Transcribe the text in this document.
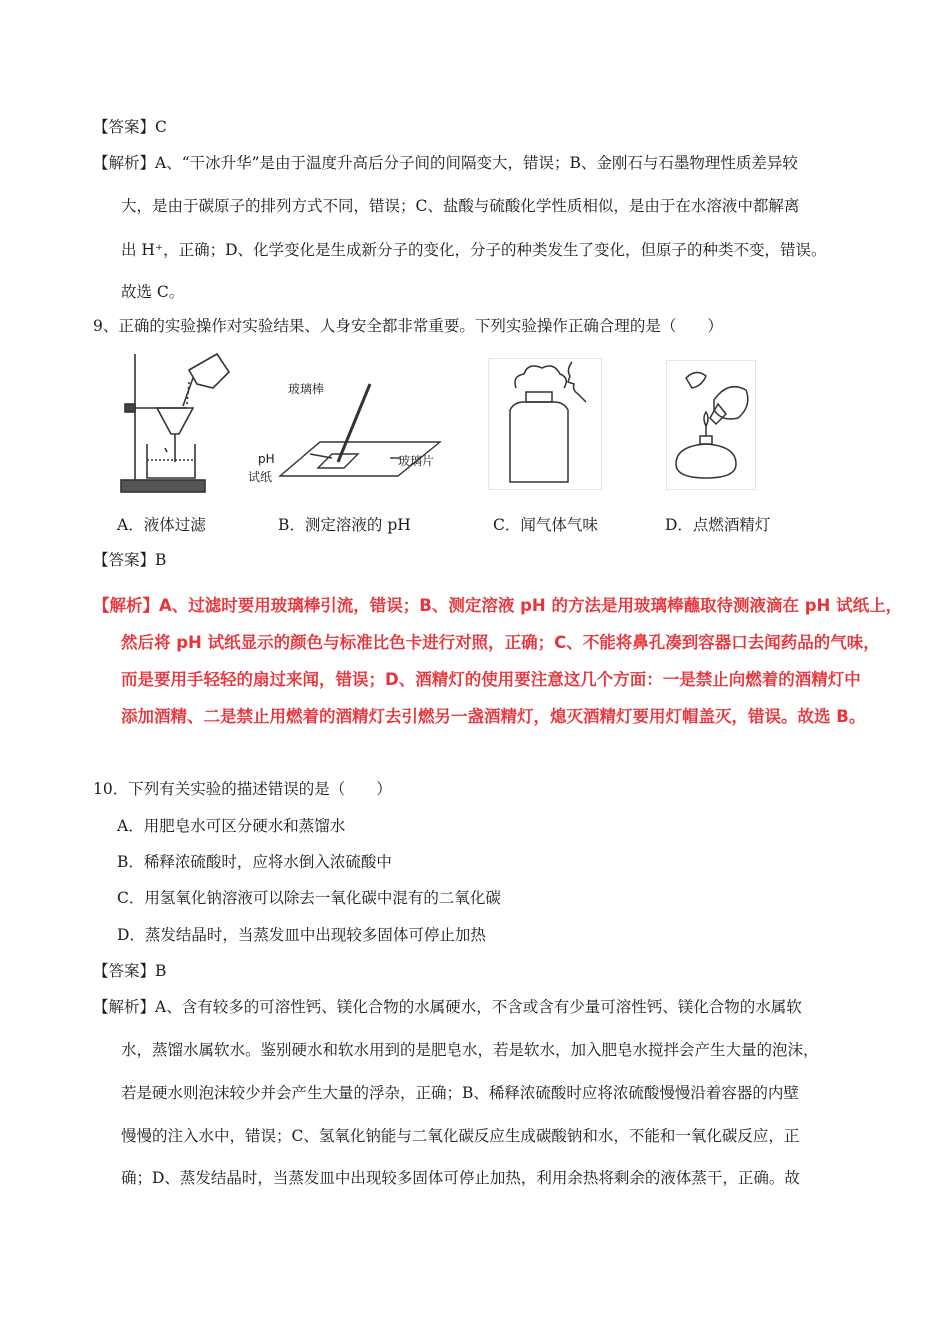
【答案】C
【解析】A、“干冰升华”是由于温度升高后分子间的间隔变大，错误；B、金刚石与石墨物理性质差异较
大，是由于碳原子的排列方式不同，错误；C、盐酸与硫酸化学性质相似，是由于在水溶液中都解离
出 H⁺，正确；D、化学变化是生成新分子的变化，分子的种类发生了变化，但原子的种类不变，错误。
故选 C。
9、正确的实验操作对实验结果、人身安全都非常重要。下列实验操作正确合理的是（　　）
玻璃棒
pH
试纸
玻璃片
A．液体过滤	B．测定溶液的 pH	C．闻气体气味	D．点燃酒精灯
【答案】B
【解析】A、过滤时要用玻璃棒引流，错误；B、测定溶液 pH 的方法是用玻璃棒蘸取待测液滴在 pH 试纸上，
然后将 pH 试纸显示的颜色与标准比色卡进行对照，正确；C、不能将鼻孔凑到容器口去闻药品的气味，
而是要用手轻轻的扇过来闻，错误；D、酒精灯的使用要注意这几个方面：一是禁止向燃着的酒精灯中
添加酒精、二是禁止用燃着的酒精灯去引燃另一盏酒精灯，熄灭酒精灯要用灯帽盖灭，错误。故选 B。
10．下列有关实验的描述错误的是（　　）
A．用肥皂水可区分硬水和蒸馏水
B．稀释浓硫酸时，应将水倒入浓硫酸中
C．用氢氧化钠溶液可以除去一氧化碳中混有的二氧化碳
D．蒸发结晶时，当蒸发皿中出现较多固体可停止加热
【答案】B
【解析】A、含有较多的可溶性钙、镁化合物的水属硬水，不含或含有少量可溶性钙、镁化合物的水属软
水，蒸馏水属软水。鉴别硬水和软水用到的是肥皂水，若是软水，加入肥皂水搅拌会产生大量的泡沫，
若是硬水则泡沫较少并会产生大量的浮杂，正确；B、稀释浓硫酸时应将浓硫酸慢慢沿着容器的内壁
慢慢的注入水中，错误；C、氢氧化钠能与二氧化碳反应生成碳酸钠和水，不能和一氧化碳反应，正
确；D、蒸发结晶时，当蒸发皿中出现较多固体可停止加热，利用余热将剩余的液体蒸干，正确。故
